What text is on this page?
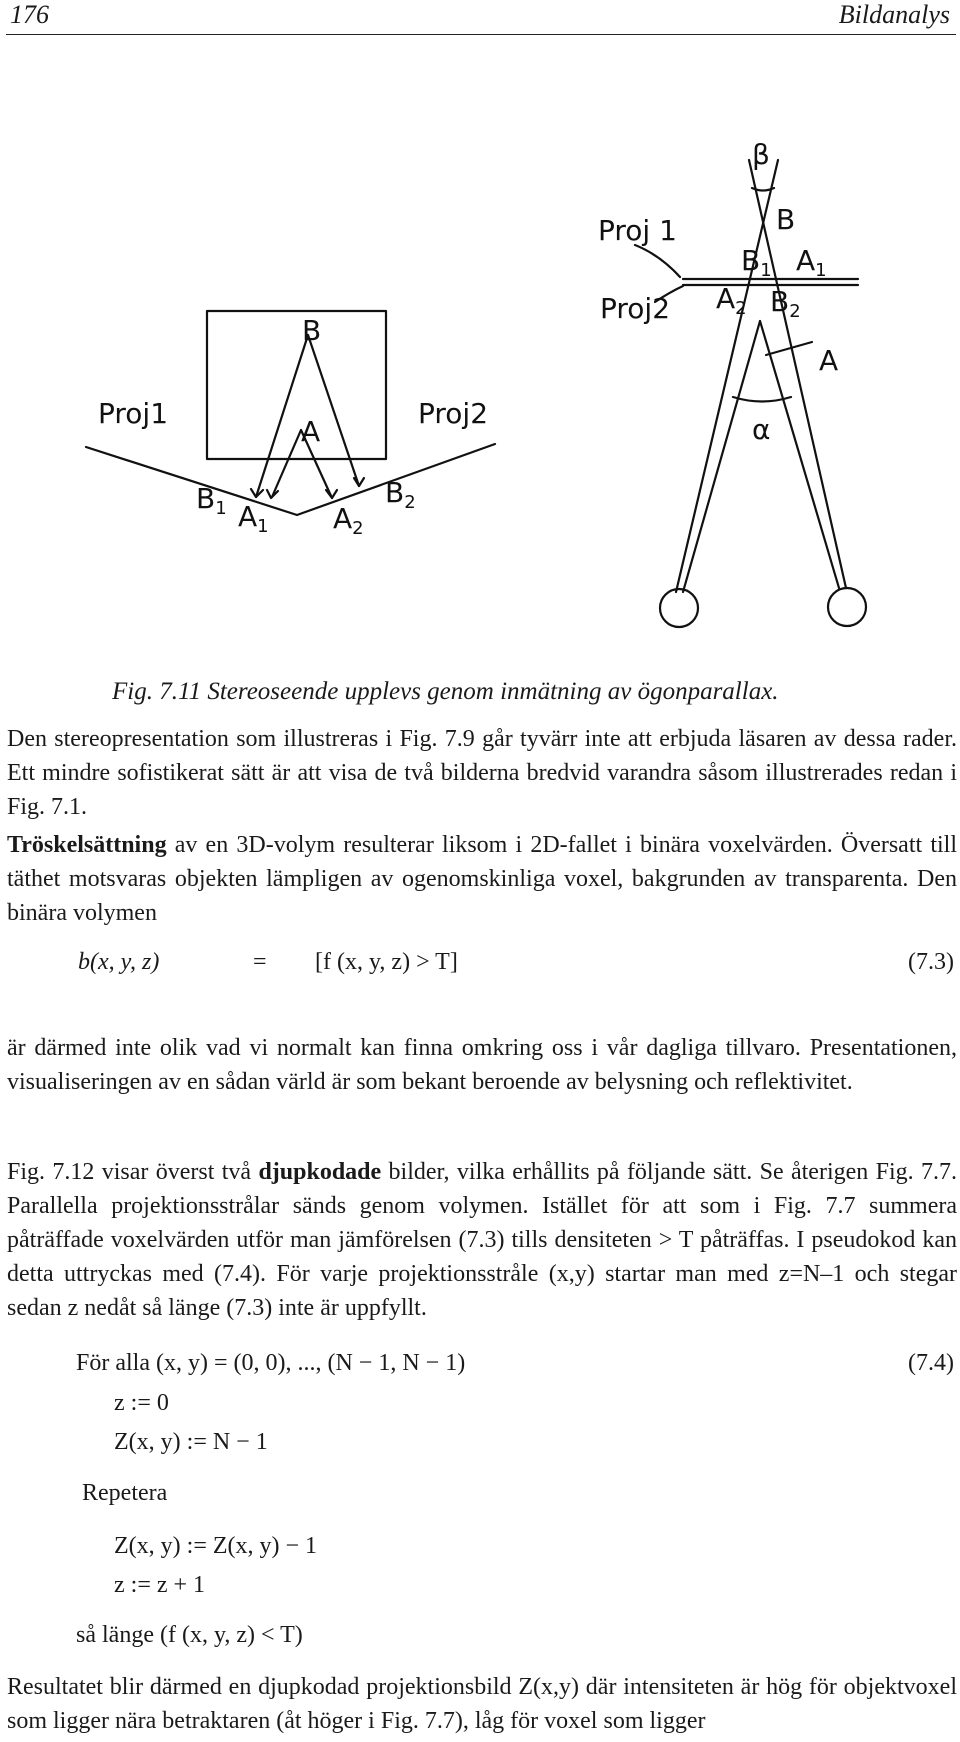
176	Bildanalys
B
A
Proj1	Proj2
$B_1$ $A_1$ $A_2$
$B_2$
β
B
Proj 1
Proj2
$B_1$ $A_1$
$A_2$ $B_2$
A
α
Fig. 7.11 Stereoseende upplevs genom inmätning av ögonparallax.

Den stereopresentation som illustreras i Fig. 7.9 går tyvärr inte att erbjuda läsaren av dessa rader. Ett mindre sofistikerat sätt är att visa de två bilderna bredvid varandra såsom illustrerades redan i Fig. 7.1.

Tröskelsättning av en 3D-volym resulterar liksom i 2D-fallet i binära voxelvärden. Översatt till täthet motsvaras objekten lämpligen av ogenomskinliga voxel, bakgrunden av transparenta. Den binära volymen

b(x, y, z)	= [f (x, y, z) > T]	(7.3)

är därmed inte olik vad vi normalt kan finna omkring oss i vår dagliga tillvaro. Presentationen, visualiseringen av en sådan värld är som bekant beroende av belysning och reflektivitet.

Fig. 7.12 visar överst två djupkodade bilder, vilka erhållits på följande sätt. Se återigen Fig. 7.7. Parallella projektionsstrålar sänds genom volymen. Istället för att som i Fig. 7.7 summera påträffade voxelvärden utför man jämförelsen (7.3) tills densiteten > T påträffas. I pseudokod kan detta uttryckas med (7.4). För varje projektionsstråle (x,y) startar man med z=N–1 och stegar sedan z nedåt så länge (7.3) inte är uppfyllt.

För alla (x, y) = (0, 0), ..., (N − 1, N − 1)	(7.4)
z := 0
Z(x, y) := N − 1
Repetera
Z(x, y) := Z(x, y) − 1
z := z + 1
så länge (f (x, y, z) < T)

Resultatet blir därmed en djupkodad projektionsbild Z(x,y) där intensiteten är hög för objektvoxel som ligger nära betraktaren (åt höger i Fig. 7.7), låg för voxel som ligger
